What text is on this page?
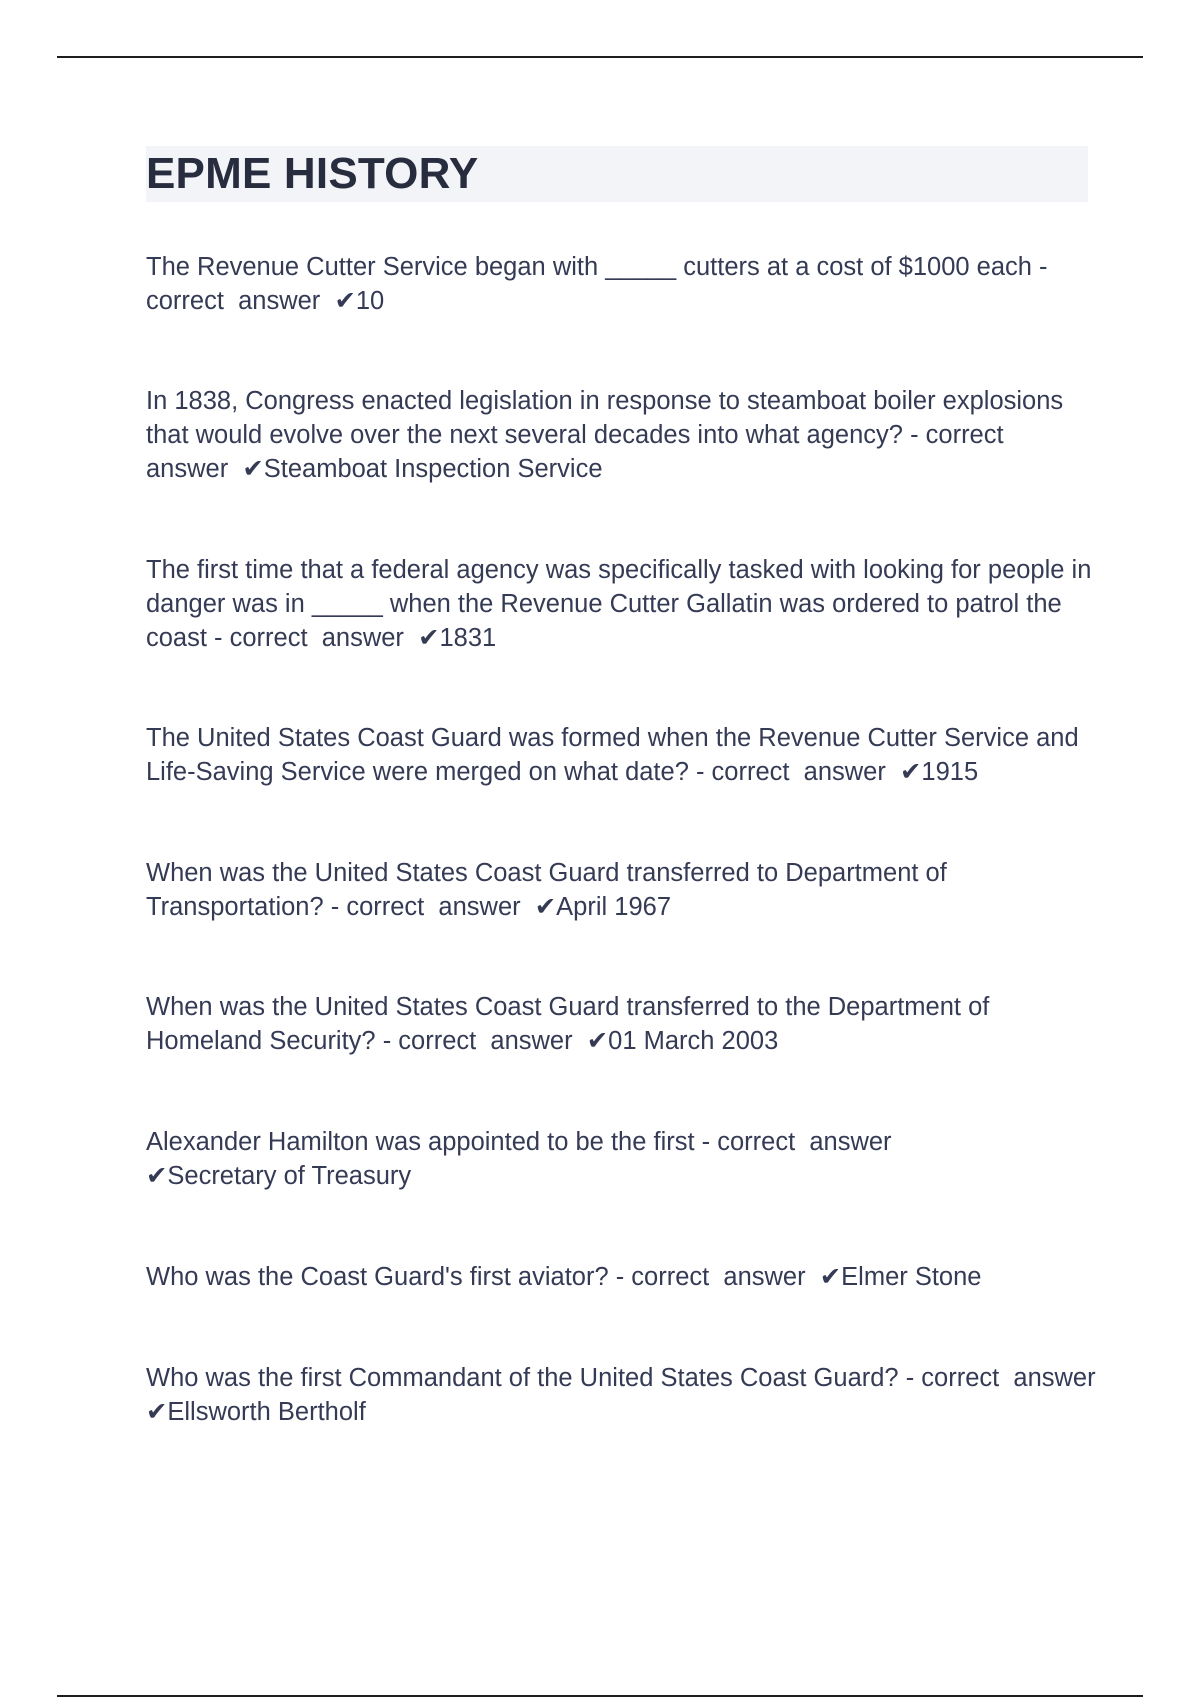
EPME HISTORY

The Revenue Cutter Service began with _____ cutters at a cost of $1000 each - correct  answer  ✔10

In 1838, Congress enacted legislation in response to steamboat boiler explosions that would evolve over the next several decades into what agency? - correct  answer  ✔Steamboat Inspection Service

The first time that a federal agency was specifically tasked with looking for people in danger was in _____ when the Revenue Cutter Gallatin was ordered to patrol the coast - correct  answer  ✔1831

The United States Coast Guard was formed when the Revenue Cutter Service and Life-Saving Service were merged on what date? - correct  answer  ✔1915

When was the United States Coast Guard transferred to Department of Transportation? - correct  answer  ✔April 1967

When was the United States Coast Guard transferred to the Department of Homeland Security? - correct  answer  ✔01 March 2003

Alexander Hamilton was appointed to be the first - correct  answer
✔Secretary of Treasury

Who was the Coast Guard's first aviator? - correct  answer  ✔Elmer Stone

Who was the first Commandant of the United States Coast Guard? - correct  answer  ✔Ellsworth Bertholf
